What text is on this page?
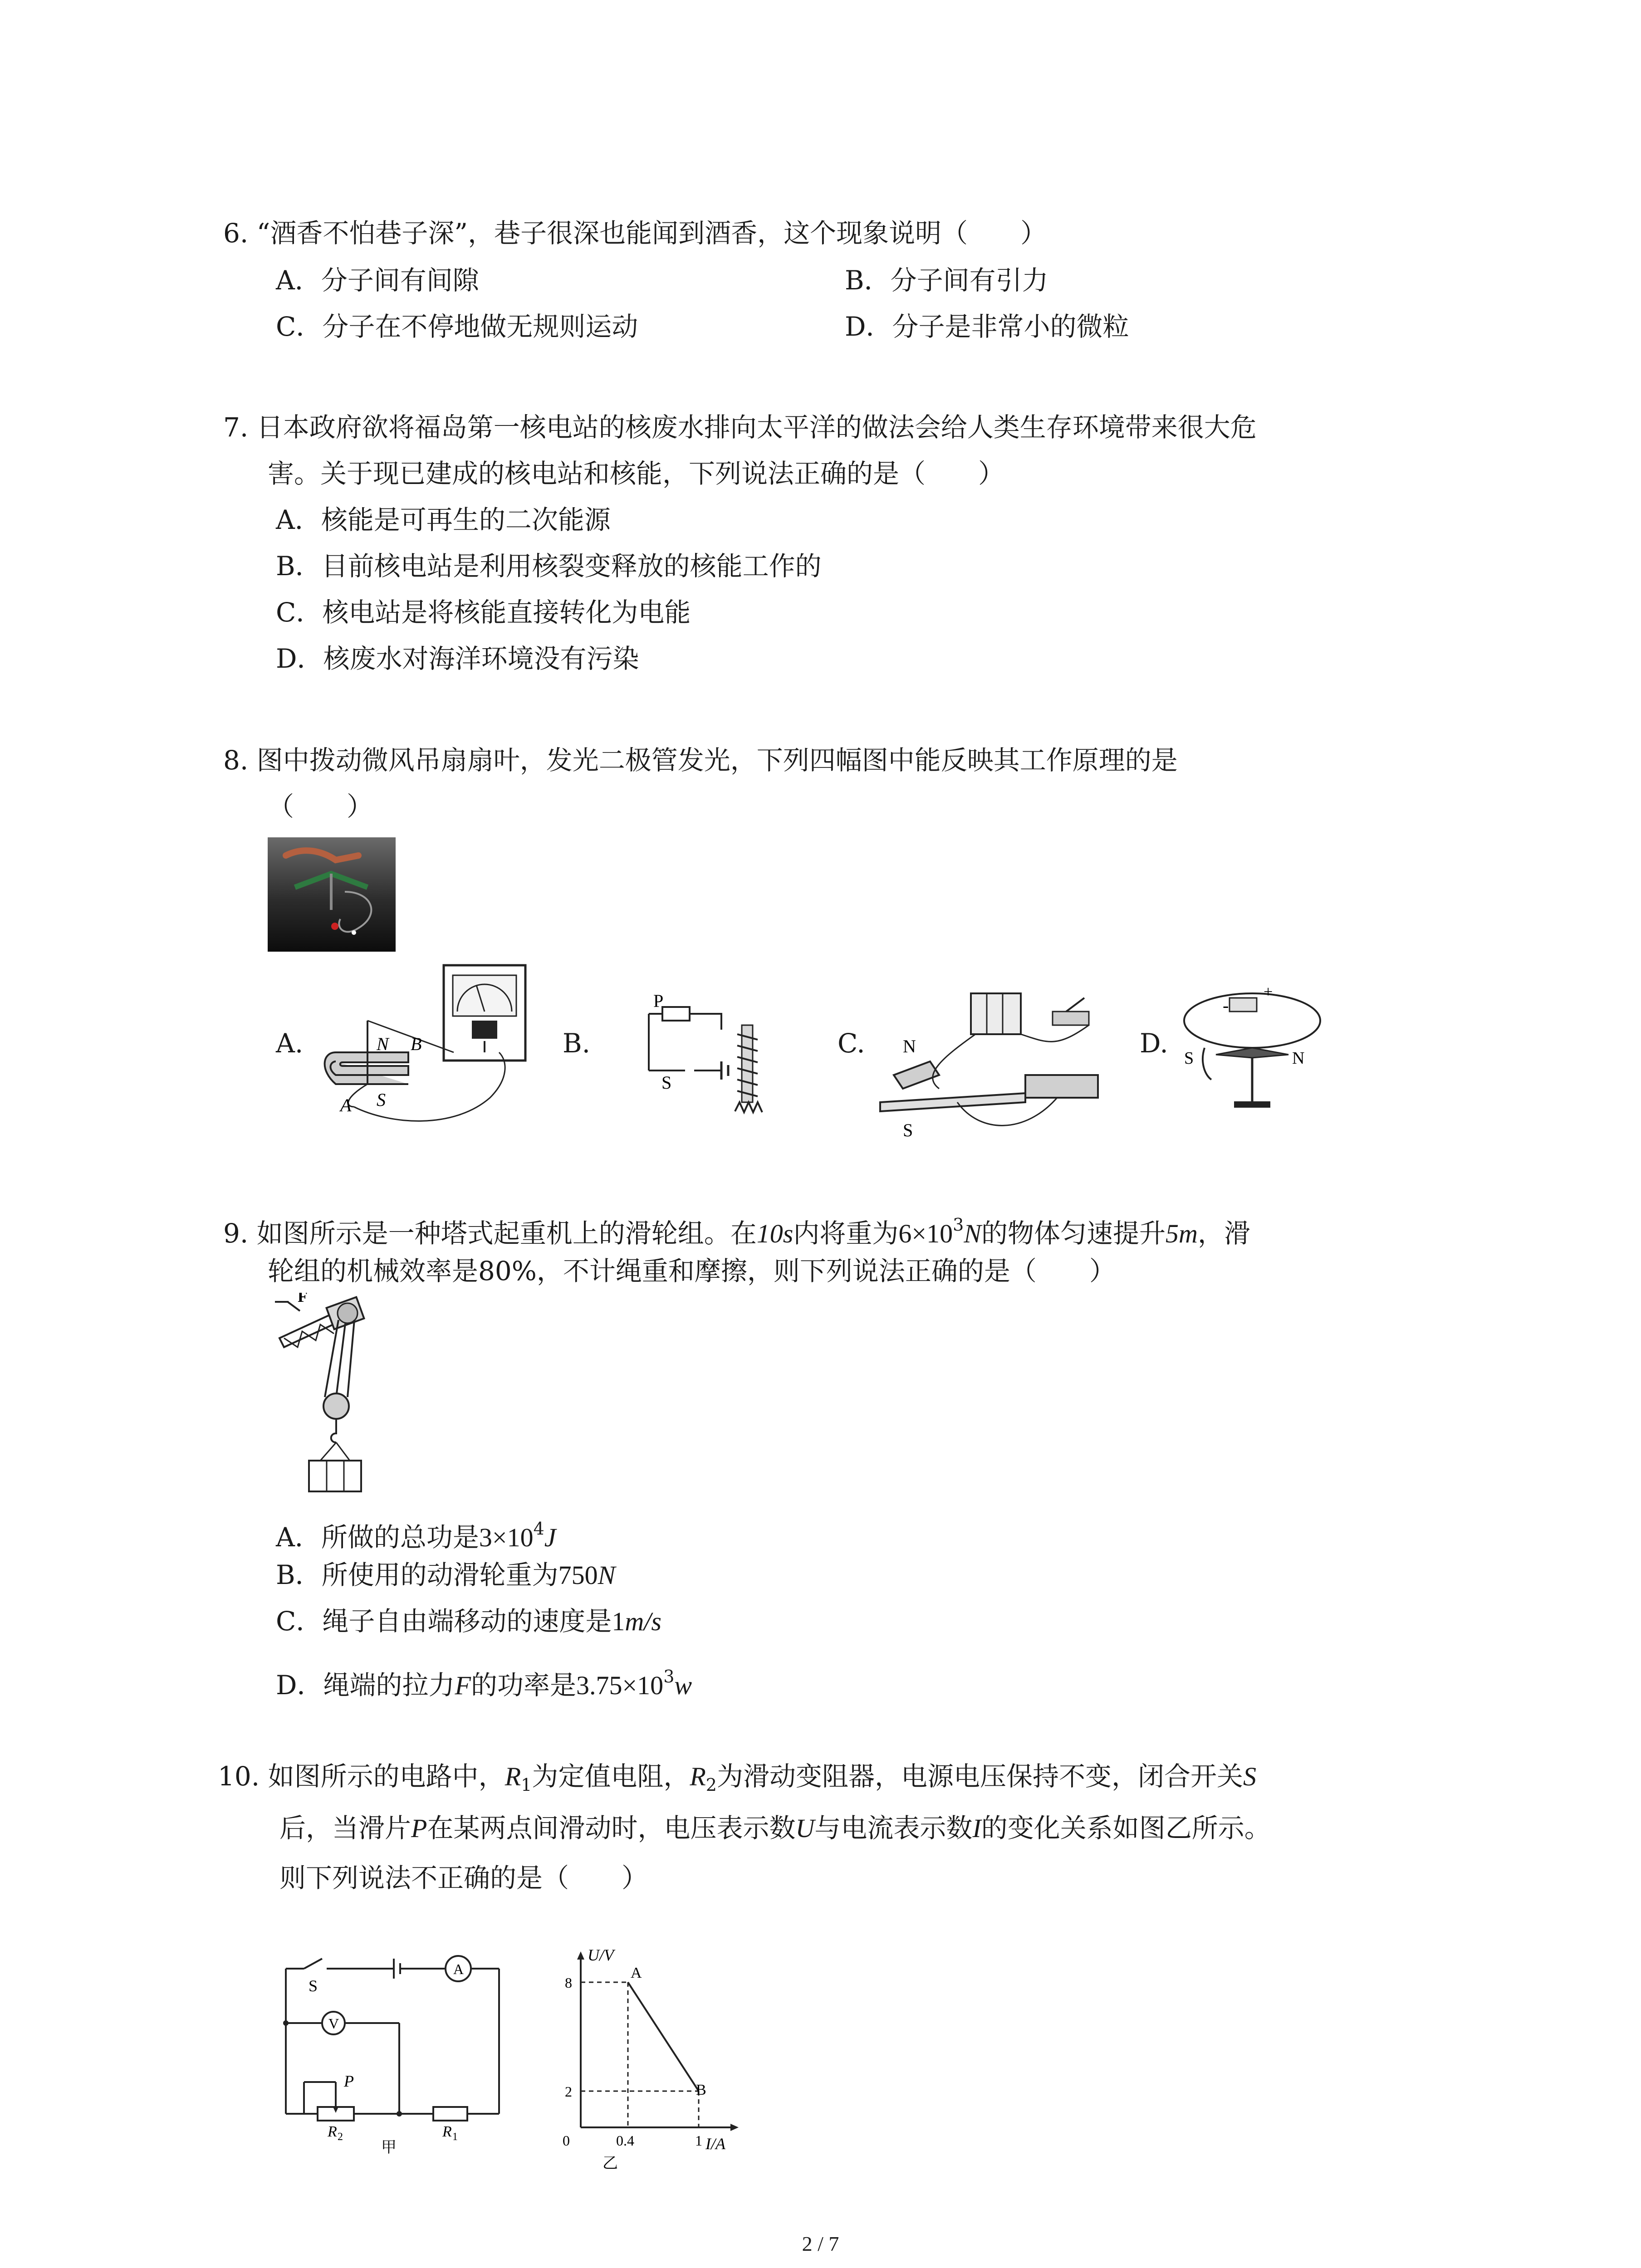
6. “酒香不怕巷子深”，巷子很深也能闻到酒香，这个现象说明（　　）
A．分子间有间隙	B．分子间有引力
C．分子在不停地做无规则运动	D．分子是非常小的微粒
7. 日本政府欲将福岛第一核电站的核废水排向太平洋的做法会给人类生存环境带来很大危
害。关于现已建成的核电站和核能，下列说法正确的是（　　）
A．核能是可再生的二次能源
B．目前核电站是利用核裂变释放的核能工作的
C．核电站是将核能直接转化为电能
D．核废水对海洋环境没有污染
8. 图中拨动微风吊扇扇叶，发光二极管发光，下列四幅图中能反映其工作原理的是
（　　）
A.	B.	C.	D.
N B
A S
P
S
N
S
S	N
+
-
9. 如图所示是一种塔式起重机上的滑轮组。在10s内将重为$6\times 10^3N$的物体匀速提升5m，滑
轮组的机械效率是80%，不计绳重和摩擦，则下列说法正确的是（　　）
F
A．所做的总功是$3\times 10^4J$
B．所使用的动滑轮重为750N
C．绳子自由端移动的速度是1m/s
D．绳端的拉力F的功率是$3.75\times 10^3w$
10. 如图所示的电路中，$R_1$为定值电阻，$R_2$为滑动变阻器，电源电压保持不变，闭合开关S
后，当滑片P在某两点间滑动时，电压表示数U与电流表示数I的变化关系如图乙所示。
则下列说法不正确的是（　　）
S
A
V
P
R 2	R 1
甲
8
2
0.4	1
A
B
U/V
I/A
0
乙
2 / 7
